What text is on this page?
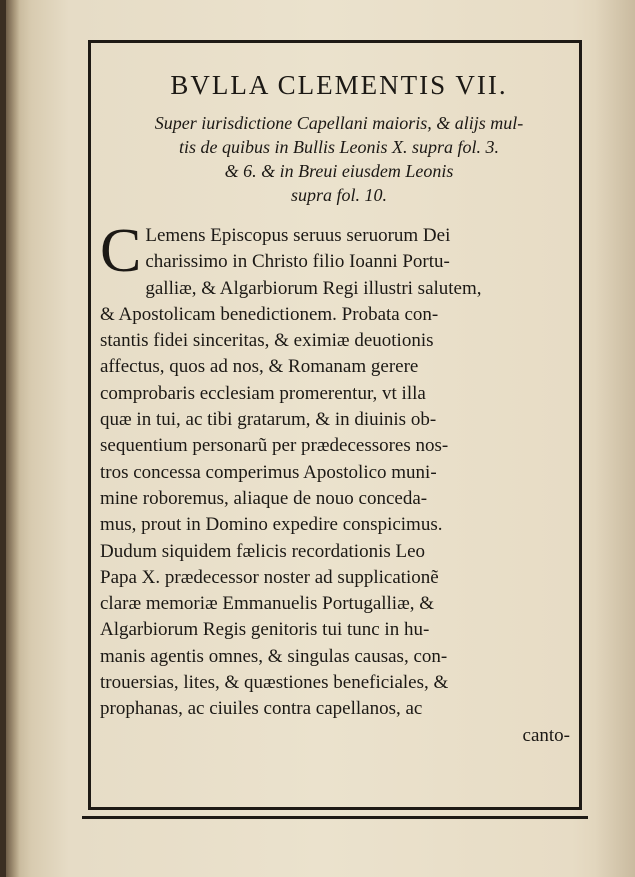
BVLLA CLEMENTIS VII.
Super iurisdictione Capellani maioris, & alijs mul-
tis de quibus in Bullis Leonis X. supra fol. 3.
& 6. & in Breui eiusdem Leonis
supra fol. 10.
C Lemens Episcopus seruus seruorum Dei
charissimo in Christo filio Ioanni Portu-
galliæ, & Algarbiorum Regi illustri salutem,
& Apostolicam benedictionem. Probata con-
stantis fidei sinceritas, & eximiæ deuotionis
affectus, quos ad nos, & Romanam gerere
comprobaris ecclesiam promerentur, vt illa
quæ in tui, ac tibi gratarum, & in diuinis ob-
sequentium personarũ per prædecessores nos-
tros concessa comperimus Apostolico muni-
mine roboremus, aliaque de nouo conceda-
mus, prout in Domino expedire conspicimus.
Dudum siquidem fælicis recordationis Leo
Papa X. prædecessor noster ad supplicationẽ
claræ memoriæ Emmanuelis Portugalliæ, &
Algarbiorum Regis genitoris tui tunc in hu-
manis agentis omnes, & singulas causas, con-
trouersias, lites, & quæstiones beneficiales, &
prophanas, ac ciuiles contra capellanos, ac
canto-
